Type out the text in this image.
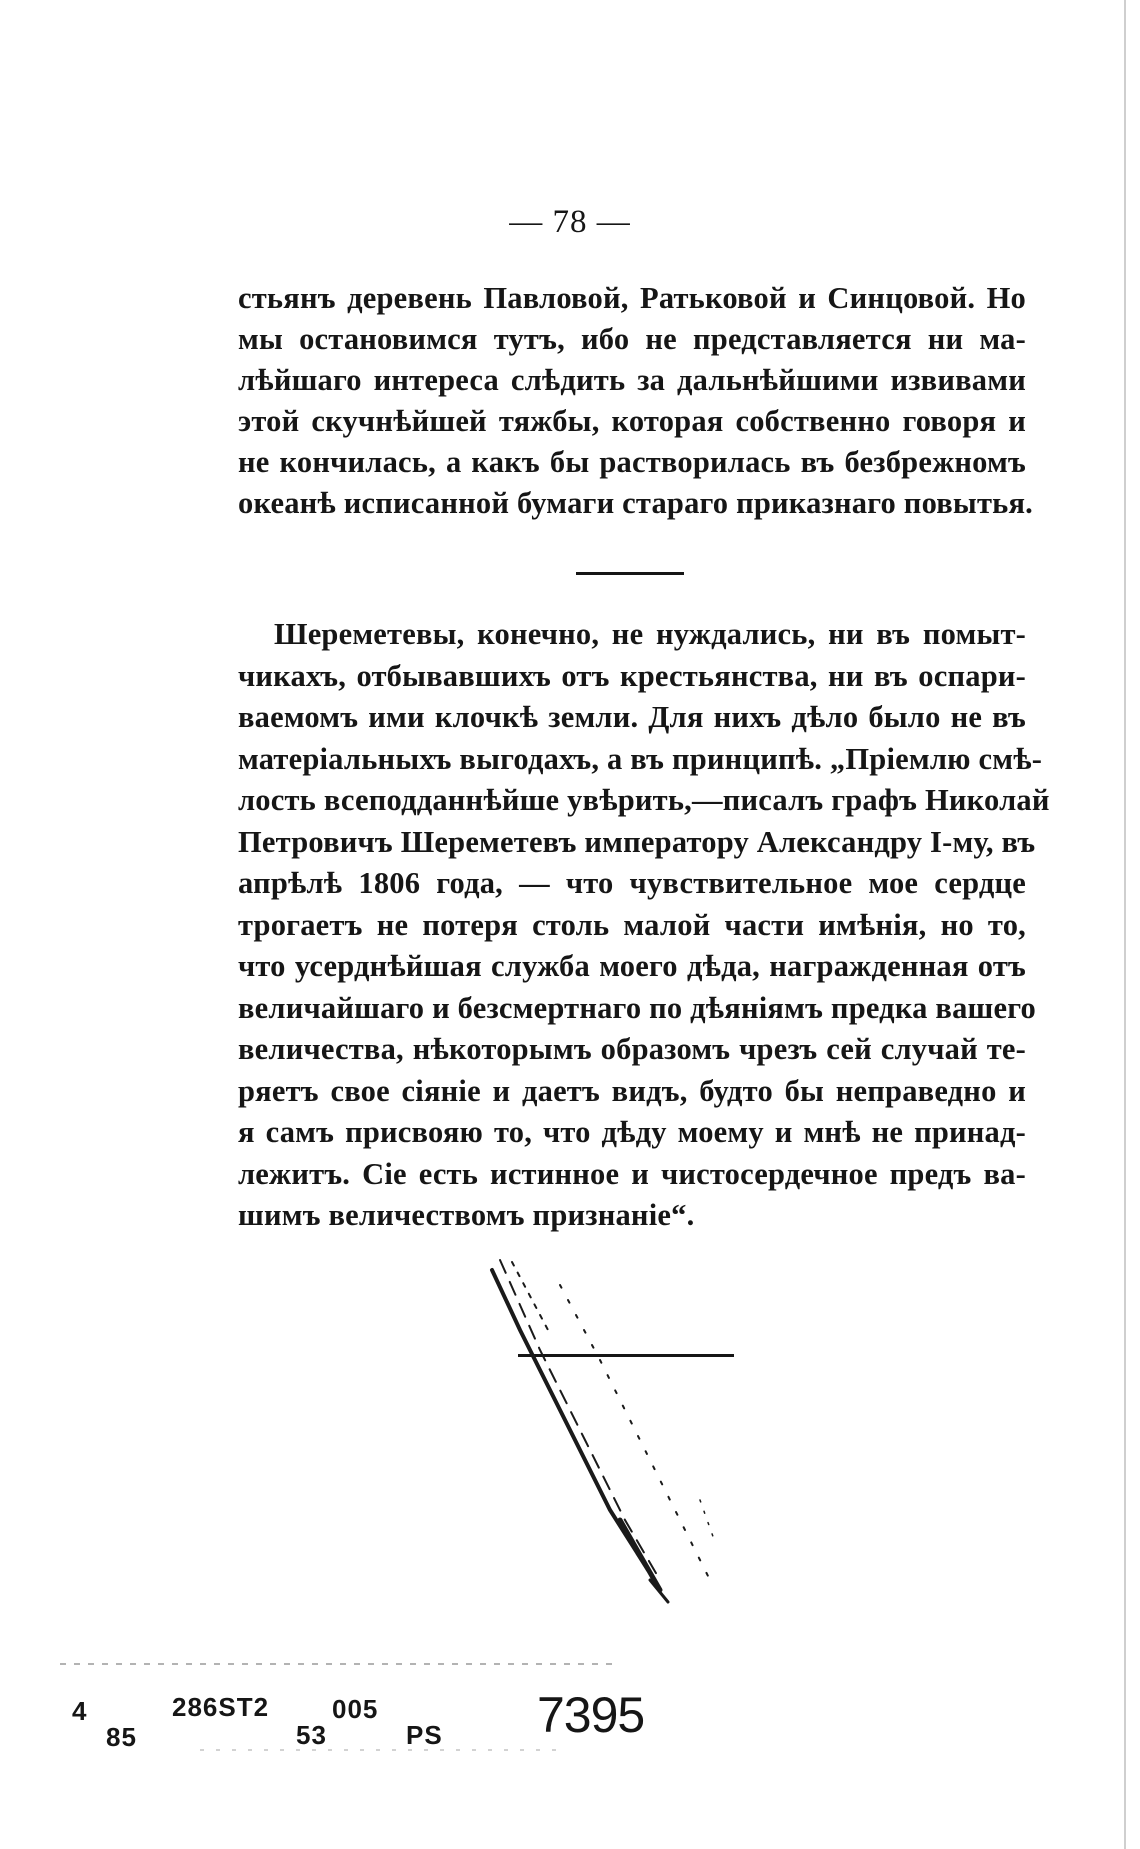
— 78 —
стьянъ деревень Павловой, Ратьковой и Синцовой. Но
мы остановимся тутъ, ибо не представляется ни ма-
лѣйшаго интереса слѣдить за дальнѣйшими извивами
этой скучнѣйшей тяжбы, которая собственно говоря и
не кончилась, а какъ бы растворилась въ безбрежномъ
океанѣ исписанной бумаги стараго приказнаго повытья.
Шереметевы, конечно, не нуждались, ни въ помыт-
чикахъ, отбывавшихъ отъ крестьянства, ни въ оспари-
ваемомъ ими клочкѣ земли. Для нихъ дѣло было не въ
матеріальныхъ выгодахъ, а въ принципѣ. „Пріемлю смѣ-
лость всеподданнѣйше увѣрить,—писалъ графъ Николай
Петровичъ Шереметевъ императору Александру I-му, въ
апрѣлѣ 1806 года, — что чувствительное мое сердце
трогаетъ не потеря столь малой части имѣнія, но то,
что усерднѣйшая служба моего дѣда, награжденная отъ
величайшаго и безсмертнаго по дѣяніямъ предка вашего
величества, нѣкоторымъ образомъ чрезъ сей случай те-
ряетъ свое сіяніе и даетъ видъ, будто бы неправедно и
я самъ присвояю то, что дѣду моему и мнѣ не принад-
лежитъ. Сіе есть истинное и чистосердечное предъ ва-
шимъ величествомъ признаніе“.
4
85
286ST2
53
005
PS 7395
